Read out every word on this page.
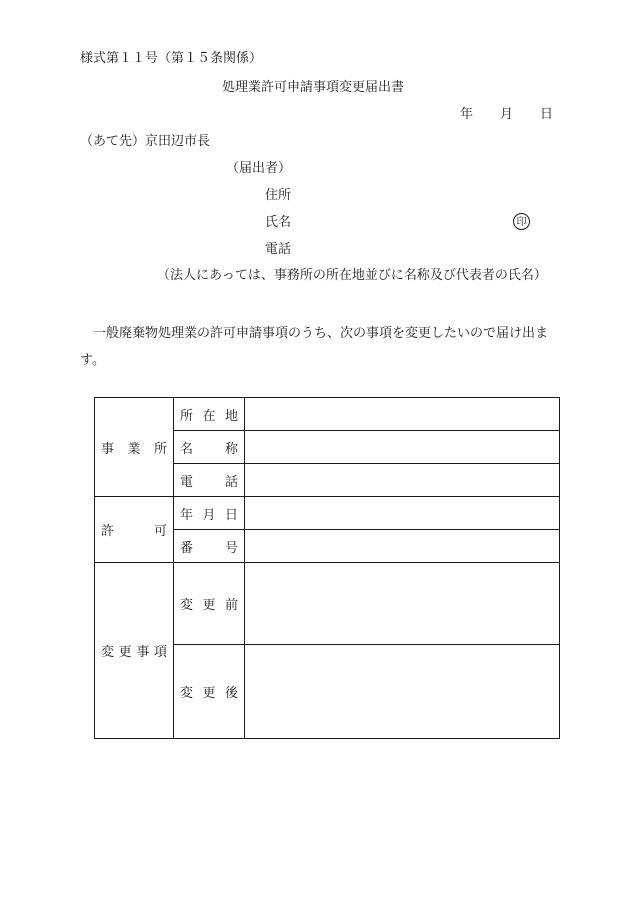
様式第１１号（第１５条関係）
処理業許可申請事項変更届出書
年 月 日
（あて先）京田辺市長
（届出者）
住所
氏名	印
電話
（法人にあっては、事務所の所在地並びに名称及び代表者の氏名）
一般廃棄物処理業の許可申請事項のうち、次の事項を変更したいので届け出ます。
事 業 所	所 在 地	

	名 称	

	電 話	

許 可	年 月 日	

	番 号	

変 更 事 項	変 更 前	

	変 更 後	
